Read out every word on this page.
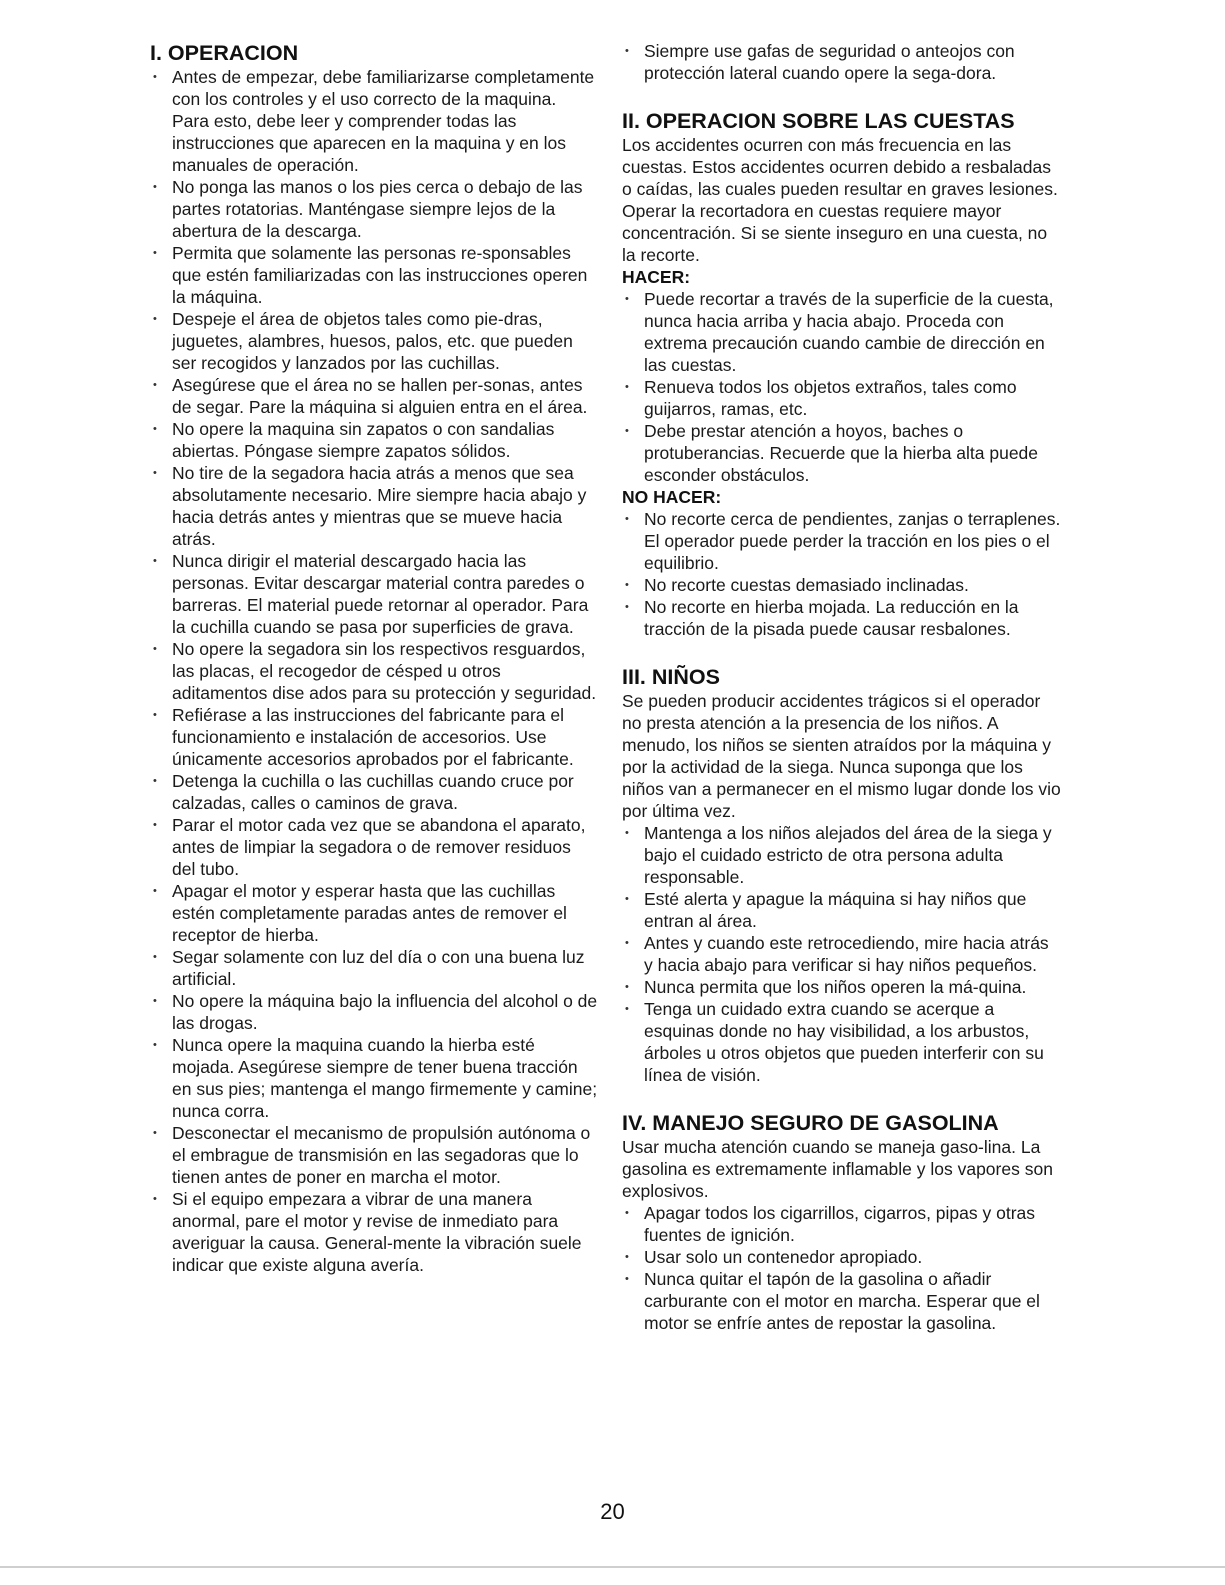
I. OPERACION
• Antes de empezar, debe familiarizarse completamente con los controles y el uso correcto de la maquina. Para esto, debe leer y comprender todas las instrucciones que aparecen en la maquina y en los manuales de operación.
• No ponga las manos o los pies cerca o debajo de las partes rotatorias. Manténgase siempre lejos de la abertura de la descarga.
• Permita que solamente las personas re-sponsables que estén familiarizadas con las instrucciones operen la máquina.
• Despeje el área de objetos tales como pie-dras, juguetes, alambres, huesos, palos, etc. que pueden ser recogidos y lanzados por las cuchillas.
• Asegúrese que el área no se hallen per-sonas, antes de segar. Pare la máquina si alguien entra en el área.
• No opere la maquina sin zapatos o con sandalias abiertas. Póngase siempre zapatos sólidos.
• No tire de la segadora hacia atrás a menos que sea absolutamente necesario. Mire siempre hacia abajo y hacia detrás antes y mientras que se mueve hacia atrás.
• Nunca dirigir el material descargado hacia las personas. Evitar descargar material contra paredes o barreras. El material puede retornar al operador. Para la cuchilla cuando se pasa por superficies de grava.
• No opere la segadora sin los respectivos resguardos, las placas, el recogedor de césped u otros aditamentos dise ados para su protección y seguridad.
• Refiérase a las instrucciones del fabricante para el funcionamiento e instalación de accesorios. Use únicamente accesorios aprobados por el fabricante.
• Detenga la cuchilla o las cuchillas cuando cruce por calzadas, calles o caminos de grava.
• Parar el motor cada vez que se abandona el aparato, antes de limpiar la segadora o de remover residuos del tubo.
• Apagar el motor y esperar hasta que las cuchillas estén completamente paradas antes de remover el receptor de hierba.
• Segar solamente con luz del día o con una buena luz artificial.
• No opere la máquina bajo la influencia del alcohol o de las drogas.
• Nunca opere la maquina cuando la hierba esté mojada. Asegúrese siempre de tener buena tracción en sus pies; mantenga el mango firmemente y camine; nunca corra.
• Desconectar el mecanismo de propulsión autónoma o el embrague de transmisión en las segadoras que lo tienen antes de poner en marcha el motor.
• Si el equipo empezara a vibrar de una manera anormal, pare el motor y revise de inmediato para averiguar la causa. General-mente la vibración suele indicar que existe alguna avería.
• Siempre use gafas de seguridad o anteojos con protección lateral cuando opere la sega-dora.
II. OPERACION SOBRE LAS CUESTAS

Los accidentes ocurren con más frecuencia en las cuestas. Estos accidentes ocurren debido a resbaladas o caídas, las cuales pueden resultar en graves lesiones. Operar la recortadora en cuestas requiere mayor concentración. Si se siente inseguro en una cuesta, no la recorte.

HACER:
• Puede recortar a través de la superficie de la cuesta, nunca hacia arriba y hacia abajo. Proceda con extrema precaución cuando cambie de dirección en las cuestas.
• Renueva todos los objetos extraños, tales como guijarros, ramas, etc.
• Debe prestar atención a hoyos, baches o protuberancias. Recuerde que la hierba alta puede esconder obstáculos.
NO HACER:
• No recorte cerca de pendientes, zanjas o terraplenes. El operador puede perder la tracción en los pies o el equilibrio.
• No recorte cuestas demasiado inclinadas.
• No recorte en hierba mojada. La reducción en la tracción de la pisada puede causar resbalones.
III. NIÑOS

Se pueden producir accidentes trágicos si el operador no presta atención a la presencia de los niños. A menudo, los niños se sienten atraídos por la máquina y por la actividad de la siega. Nunca suponga que los niños van a permanecer en el mismo lugar donde los vio por última vez.

• Mantenga a los niños alejados del área de la siega y bajo el cuidado estricto de otra persona adulta responsable.
• Esté alerta y apague la máquina si hay niños que entran al área.
• Antes y cuando este retrocediendo, mire hacia atrás y hacia abajo para verificar si hay niños pequeños.
• Nunca permita que los niños operen la má-quina.
• Tenga un cuidado extra cuando se acerque a esquinas donde no hay visibilidad, a los arbustos, árboles u otros objetos que pueden interferir con su línea de visión.
IV. MANEJO SEGURO DE GASOLINA

Usar mucha atención cuando se maneja gaso-lina. La gasolina es extremamente inflamable y los vapores son explosivos.

• Apagar todos los cigarrillos, cigarros, pipas y otras fuentes de ignición.
• Usar solo un contenedor apropiado.
• Nunca quitar el tapón de la gasolina o añadir carburante con el motor en marcha. Esperar que el motor se enfríe antes de repostar la gasolina.
20
